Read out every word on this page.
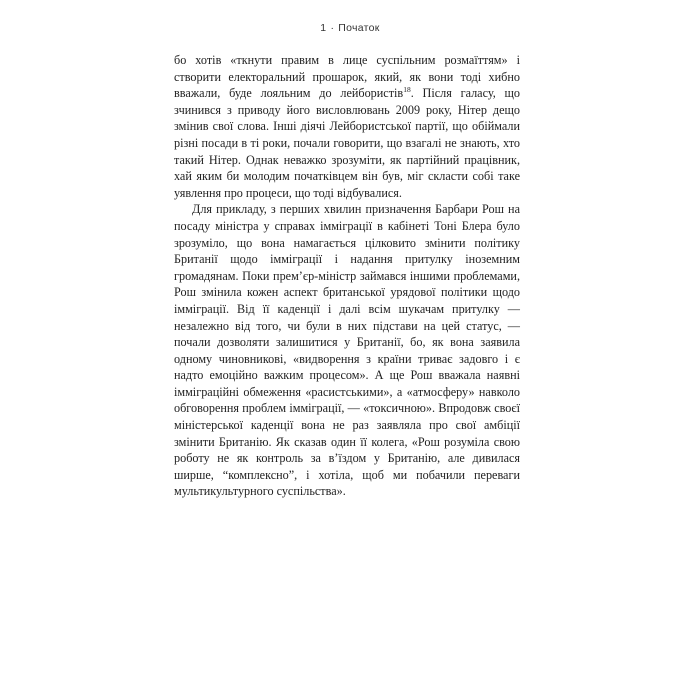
1 · Початок

бо хотів «ткнути правим в лице суспільним розмаїттям» і створити електоральний прошарок, який, як вони тоді хибно вважали, буде лояльним до лейбористів$^{18}$. Після галасу, що зчинився з приводу його висловлювань 2009 року, Нітер дещо змінив свої слова. Інші діячі Лейбористської партії, що обіймали різні посади в ті роки, почали говорити, що взагалі не знають, хто такий Нітер. Однак неважко зрозуміти, як партійний працівник, хай яким би молодим початківцем він був, міг скласти собі таке уявлення про процеси, що тоді відбувалися.

Для прикладу, з перших хвилин призначення Барбари Рош на посаду міністра у справах імміграції в кабінеті Тоні Блера було зрозуміло, що вона намагається цілковито змінити політику Британії щодо імміграції і надання притулку іноземним громадянам. Поки прем’єр-міністр займався іншими проблемами, Рош змінила кожен аспект британської урядової політики щодо імміграції. Від її каденції і далі всім шукачам притулку — незалежно від того, чи були в них підстави на цей статус, — почали дозволяти залишитися у Британії, бо, як вона заявила одному чиновникові, «видворення з країни триває задовго і є надто емоційно важким процесом». А ще Рош вважала наявні імміграційні обмеження «расистськими», а «атмосферу» навколо обговорення проблем імміграції, — «токсичною». Впродовж своєї міністерської каденції вона не раз заявляла про свої амбіції змінити Британію. Як сказав один її колега, «Рош розуміла свою роботу не як контроль за в’їздом у Британію, але дивилася ширше, “комплексно”, і хотіла, щоб ми побачили переваги мультикультурного суспільства».
